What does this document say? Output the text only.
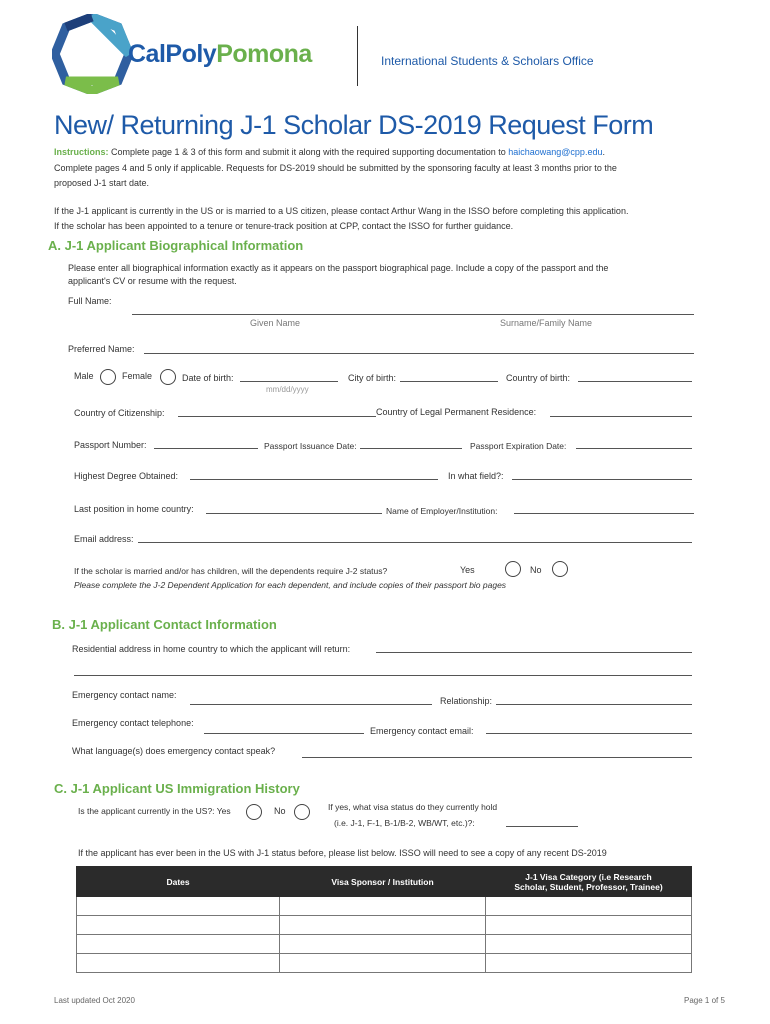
CalPolyPomona	International Students & Scholars Office
New/ Returning J-1 Scholar DS-2019 Request Form
Instructions: Complete page 1 & 3 of this form and submit it along with the required supporting documentation to haichaowang@cpp.edu.
Complete pages 4 and 5 only if applicable. Requests for DS-2019 should be submitted by the sponsoring faculty at least 3 months prior to the
proposed J-1 start date.
If the J-1 applicant is currently in the US or is married to a US citizen, please contact Arthur Wang in the ISSO before completing this application.
If the scholar has been appointed to a tenure or tenure-track position at CPP, contact the ISSO for further guidance.
A. J-1 Applicant Biographical Information
Please enter all biographical information exactly as it appears on the passport biographical page. Include a copy of the passport and the
applicant's CV or resume with the request.
Full Name:
Given Name	Surname/Family Name
Preferred Name:
Male	Female	Date of birth:
mm/dd/yyyy
City of birth:	Country of birth:
Country of Citizenship:	Country of Legal Permanent Residence:
Passport Number:	Passport Issuance Date:	Passport Expiration Date:
Highest Degree Obtained:	In what field?:
Last position in home country:	Name of Employer/Institution:
Email address:
If the scholar is married and/or has children, will the dependents require J-2 status?	Yes	No
Please complete the J-2 Dependent Application for each dependent, and include copies of their passport bio pages
B. J-1 Applicant Contact Information
Residential address in home country to which the applicant will return:
Emergency contact name:
Relationship:
Emergency contact telephone:
Emergency contact email:
What language(s) does emergency contact speak?
C. J-1 Applicant US Immigration History
Is the applicant currently in the US?: Yes	No	If yes, what visa status do they currently hold
(i.e. J-1, F-1, B-1/B-2, WB/WT, etc.)?:
If the applicant has ever been in the US with J-1 status before, please list below. ISSO will need to see a copy of any recent DS-2019
Dates	Visa Sponsor / Institution	J-1 Visa Category (i.e Research
Scholar, Student, Professor, Trainee)

Last updated Oct 2020	Page 1 of 5
